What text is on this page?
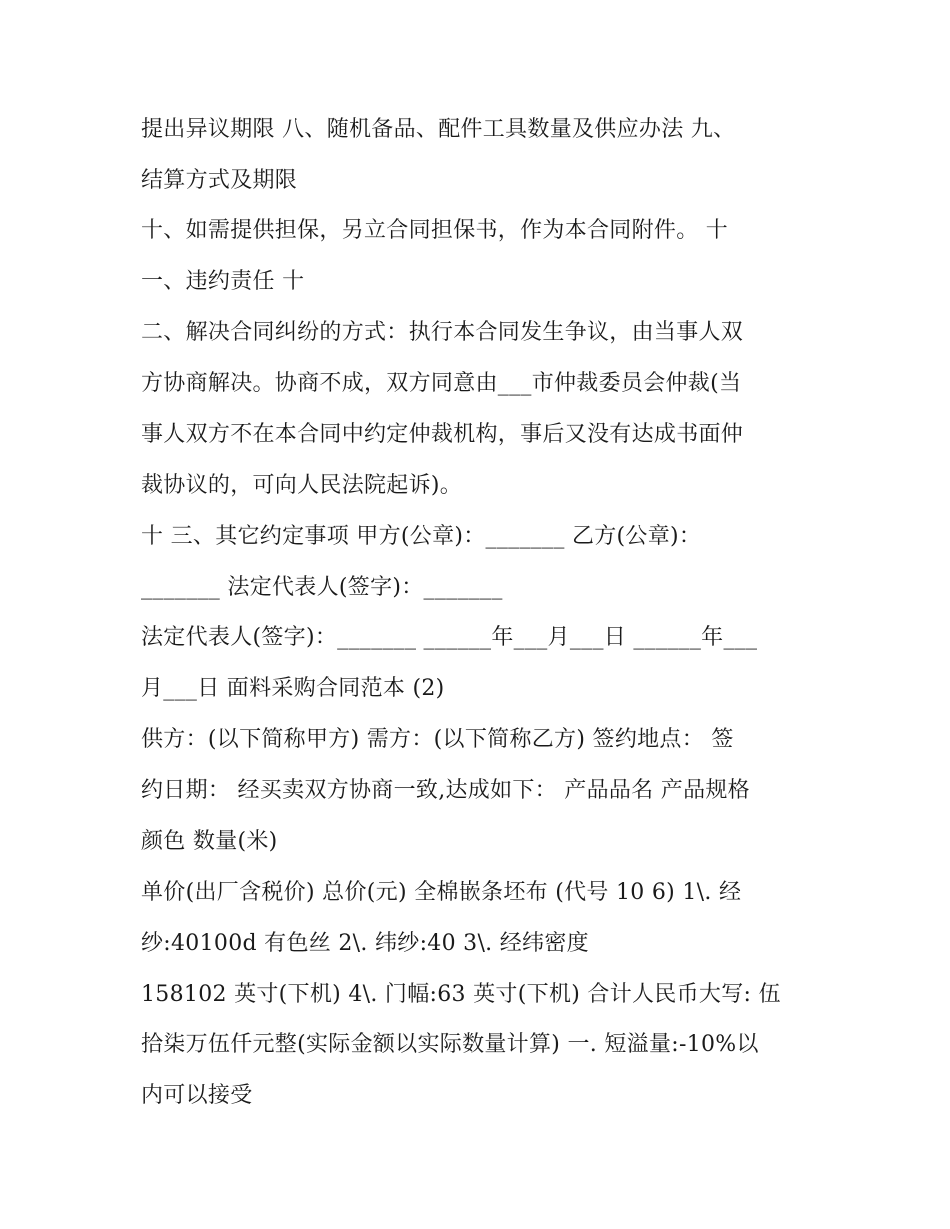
提出异议期限 八、随机备品、配件工具数量及供应办法 九、
结算方式及期限
十、如需提供担保，另立合同担保书，作为本合同附件。 十
一、违约责任 十
二、解决合同纠纷的方式：执行本合同发生争议，由当事人双
方协商解决。协商不成，双方同意由___市仲裁委员会仲裁(当
事人双方不在本合同中约定仲裁机构，事后又没有达成书面仲
裁协议的，可向人民法院起诉)。
十 三、其它约定事项 甲方(公章)：_______ 乙方(公章)：
_______ 法定代表人(签字)：_______
法定代表人(签字)：_______ ______年___月___日 ______年___
月___日 面料采购合同范本 (2)
供方：(以下简称甲方) 需方：(以下简称乙方) 签约地点： 签
约日期： 经买卖双方协商一致,达成如下： 产品品名 产品规格
颜色 数量(米)
单价(出厂含税价) 总价(元) 全棉嵌条坯布 (代号 10 6) 1\. 经
纱:40100d 有色丝 2\. 纬纱:40 3\. 经纬密度
158102 英寸(下机) 4\. 门幅:63 英寸(下机) 合计人民币大写: 伍
拾柒万伍仟元整(实际金额以实际数量计算) 一. 短溢量:-10%以
内可以接受
